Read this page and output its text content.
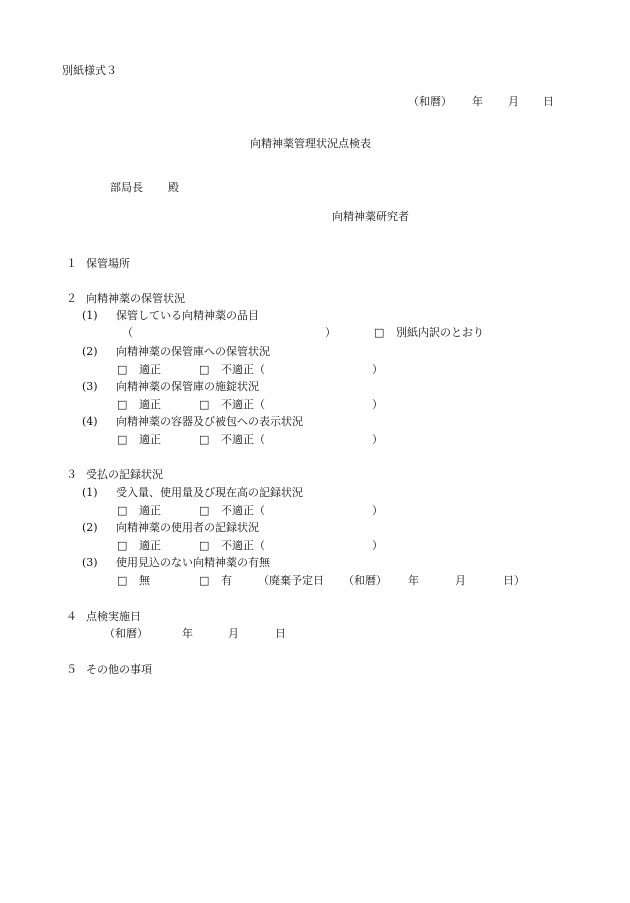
別紙様式３
（和暦） 年 月 日
向精神薬管理状況点検表
部局長 殿
向精神薬研究者
１ 保管場所
２ 向精神薬の保管状況
(1) 保管している向精神薬の品目
（	）	□ 別紙内訳のとおり
(2) 向精神薬の保管庫への保管状況
□ 適正	□ 不適正（	）
(3) 向精神薬の保管庫の施錠状況
□ 適正	□ 不適正（	）
(4) 向精神薬の容器及び被包への表示状況
□ 適正	□ 不適正（	）
３ 受払の記録状況
(1) 受入量、使用量及び現在高の記録状況
□ 適正	□ 不適正（	）
(2) 向精神薬の使用者の記録状況
□ 適正	□ 不適正（	）
(3) 使用見込のない向精神薬の有無
□ 無	□ 有 （廃棄予定日 （和暦） 年	月	日）
４ 点検実施日
（和暦）	年	月	日
５ その他の事項
